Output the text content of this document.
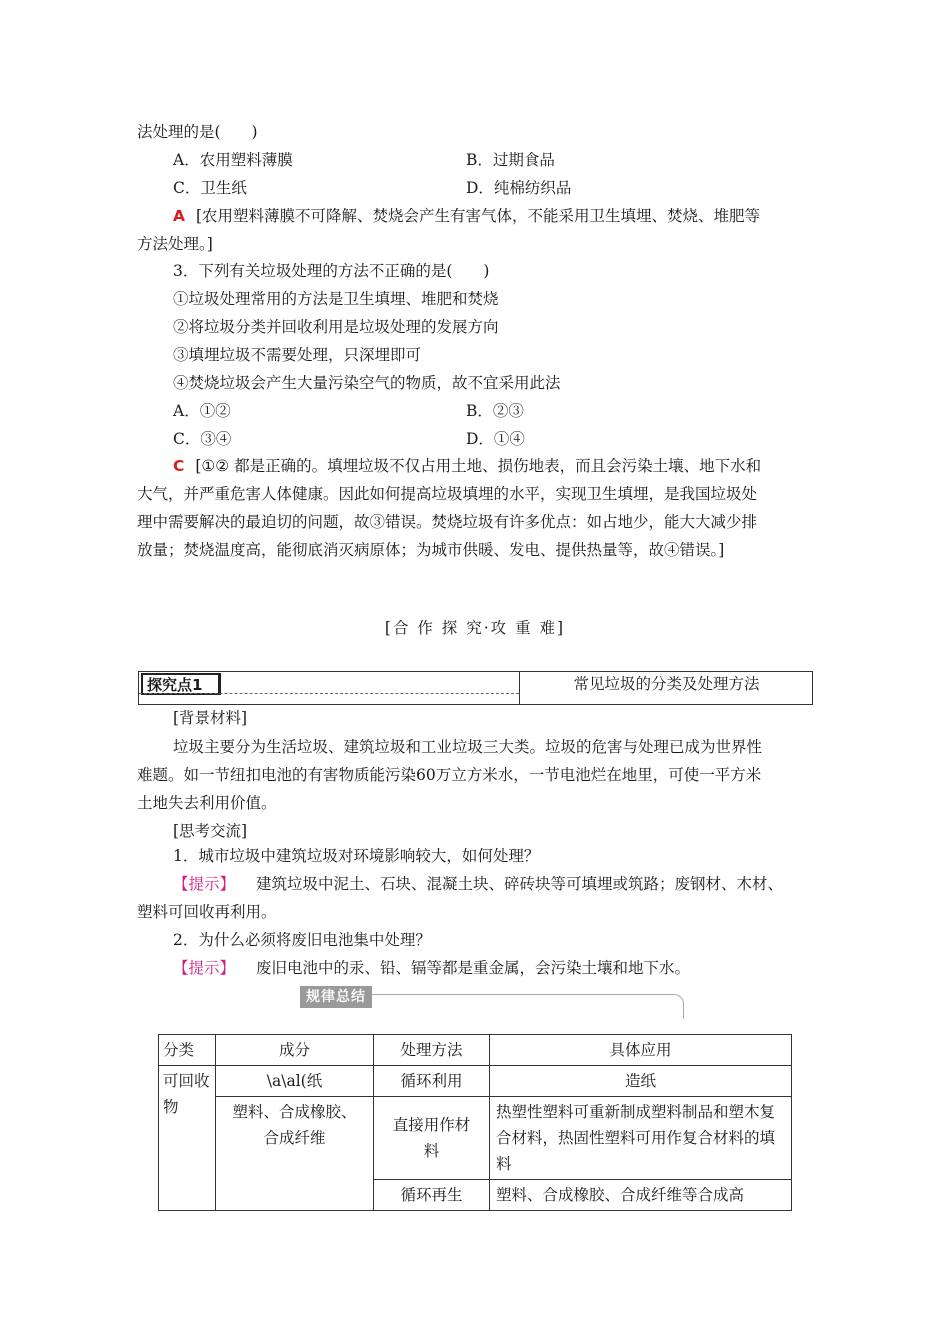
法处理的是(　　)
A．农用塑料薄膜	B．过期食品
C．卫生纸	D．纯棉纺织品
A [农用塑料薄膜不可降解、焚烧会产生有害气体，不能采用卫生填埋、焚烧、堆肥等
方法处理。]
3．下列有关垃圾处理的方法不正确的是(　　)
①垃圾处理常用的方法是卫生填埋、堆肥和焚烧
②将垃圾分类并回收利用是垃圾处理的发展方向
③填埋垃圾不需要处理，只深埋即可
④焚烧垃圾会产生大量污染空气的物质，故不宜采用此法
A．①②	B．②③
C．③④	D．①④
C [①② 都是正确的。填埋垃圾不仅占用土地、损伤地表，而且会污染土壤、地下水和
大气，并严重危害人体健康。因此如何提高垃圾填埋的水平，实现卫生填埋，是我国垃圾处
理中需要解决的最迫切的问题，故③错误。焚烧垃圾有许多优点：如占地少，能大大减少排
放量；焚烧温度高，能彻底消灭病原体；为城市供暖、发电、提供热量等，故④错误。]
[合 作 探 究·攻 重 难]
探究点1	常见垃圾的分类及处理方法
[背景材料]
垃圾主要分为生活垃圾、建筑垃圾和工业垃圾三大类。垃圾的危害与处理已成为世界性
难题。如一节纽扣电池的有害物质能污染60万立方米水，一节电池烂在地里，可使一平方米
土地失去利用价值。
[思考交流]
1．城市垃圾中建筑垃圾对环境影响较大，如何处理？
【提示】 建筑垃圾中泥土、石块、混凝土块、碎砖块等可填埋或筑路；废钢材、木材、
塑料可回收再利用。
2．为什么必须将废旧电池集中处理？
【提示】 废旧电池中的汞、铅、镉等都是重金属，会污染土壤和地下水。
规律总结
分类	成分	处理方法	具体应用
可回收物	\a\al(纸	循环利用	造纸
	塑料、合成橡胶、合成纤维	直接用作材料	热塑性塑料可重新制成塑料制品和塑木复合材料，热固性塑料可用作复合材料的填料
		循环再生	塑料、合成橡胶、合成纤维等合成高
